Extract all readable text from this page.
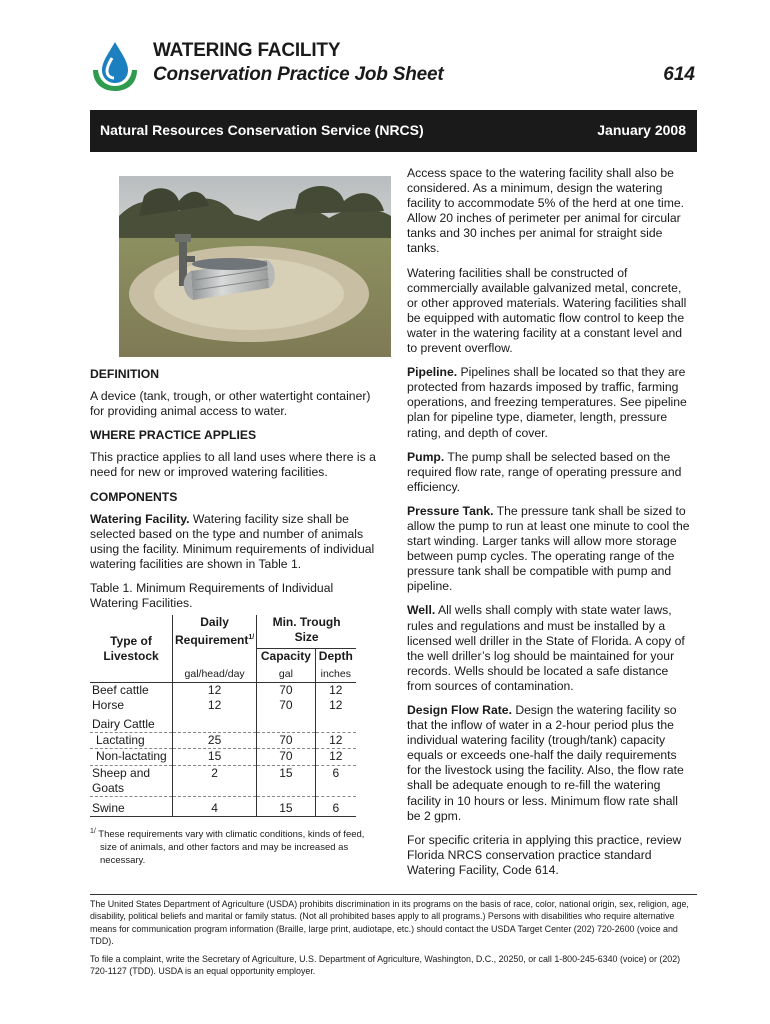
WATERING FACILITY
Conservation Practice Job Sheet	614
Natural Resources Conservation Service (NRCS)	January 2008
DEFINITION

A device (tank, trough, or other watertight container) for providing animal access to water.

WHERE PRACTICE APPLIES

This practice applies to all land uses where there is a need for new or improved watering facilities.

COMPONENTS

Watering Facility. Watering facility size shall be selected based on the type and number of animals using the facility. Minimum requirements of individual watering facilities are shown in Table 1.

Table 1. Minimum Requirements of Individual Watering Facilities.

Type of Livestock	Daily Requirement$^{1/}$	Min. Trough Size	
		Capacity	Depth
	gal/head/day	gal	inches
Beef cattle	12	70	12
Horse	12	70	12
Dairy Cattle			
Lactating	25	70	12
Non-lactating	15	70	12
Sheep and Goats	2	15	6
Swine	4	15	6
$^{1/}$ These requirements vary with climatic conditions, kinds of feed, size of animals, and other factors and may be increased as necessary.

Access space to the watering facility shall also be considered. As a minimum, design the watering facility to accommodate 5% of the herd at one time. Allow 20 inches of perimeter per animal for circular tanks and 30 inches per animal for straight side tanks.

Watering facilities shall be constructed of commercially available galvanized metal, concrete, or other approved materials. Watering facilities shall be equipped with automatic flow control to keep the water in the watering facility at a constant level and to prevent overflow.

Pipeline. Pipelines shall be located so that they are protected from hazards imposed by traffic, farming operations, and freezing temperatures. See pipeline plan for pipeline type, diameter, length, pressure rating, and depth of cover.

Pump. The pump shall be selected based on the required flow rate, range of operating pressure and efficiency.

Pressure Tank. The pressure tank shall be sized to allow the pump to run at least one minute to cool the start winding. Larger tanks will allow more storage between pump cycles. The operating range of the pressure tank shall be compatible with pump and pipeline.

Well. All wells shall comply with state water laws, rules and regulations and must be installed by a licensed well driller in the State of Florida. A copy of the well driller’s log should be maintained for your records. Wells should be located a safe distance from sources of contamination.

Design Flow Rate. Design the watering facility so that the inflow of water in a 2-hour period plus the individual watering facility (trough/tank) capacity equals or exceeds one-half the daily requirements for the livestock using the facility. Also, the flow rate shall be adequate enough to re-fill the watering facility in 10 hours or less. Minimum flow rate shall be 2 gpm.

For specific criteria in applying this practice, review Florida NRCS conservation practice standard Watering Facility, Code 614.

The United States Department of Agriculture (USDA) prohibits discrimination in its programs on the basis of race, color, national origin, sex, religion, age, disability, political beliefs and marital or family status. (Not all prohibited bases apply to all programs.) Persons with disabilities who require alternative means for communication program information (Braille, large print, audiotape, etc.) should contact the USDA Target Center (202) 720-2600 (voice and TDD).

To file a complaint, write the Secretary of Agriculture, U.S. Department of Agriculture, Washington, D.C., 20250, or call 1-800-245-6340 (voice) or (202) 720-1127 (TDD). USDA is an equal opportunity employer.
